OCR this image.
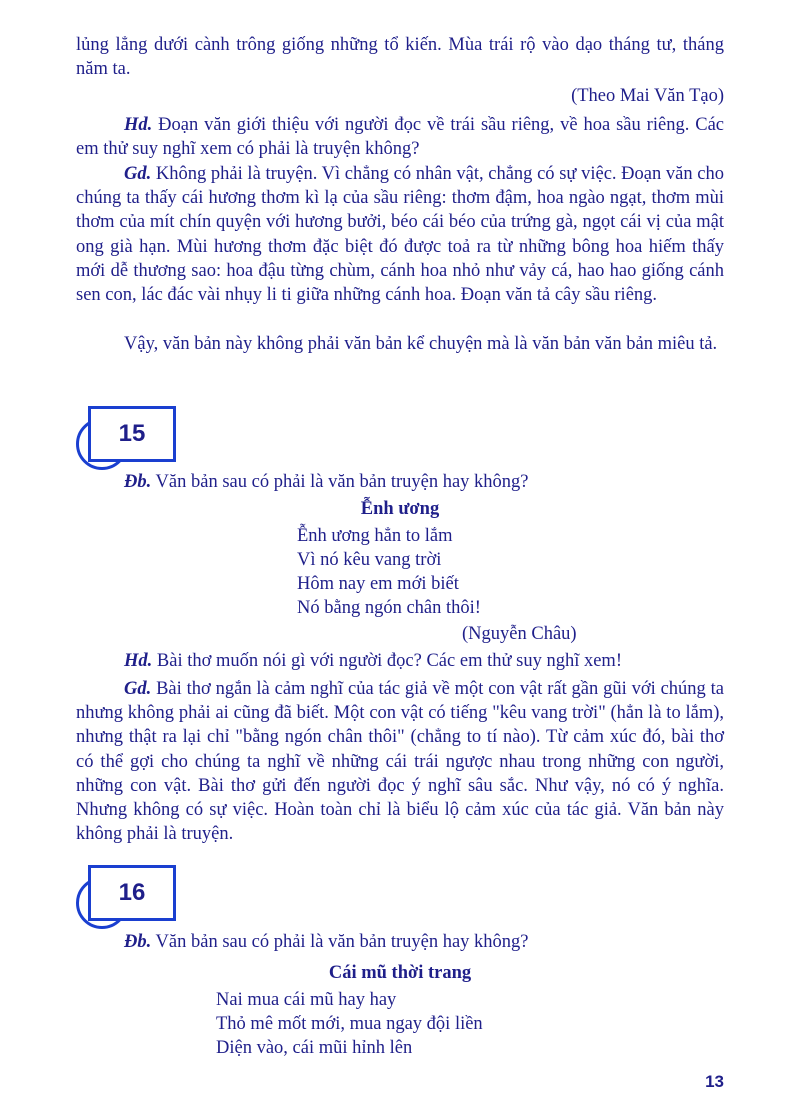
lủng lẳng dưới cành trông giống những tổ kiến. Mùa trái rộ vào dạo tháng tư, tháng năm ta.

(Theo Mai Văn Tạo)

Hd. Đoạn văn giới thiệu với người đọc về trái sầu riêng, về hoa sầu riêng. Các em thử suy nghĩ xem có phải là truyện không?

Gd. Không phải là truyện. Vì chẳng có nhân vật, chẳng có sự việc. Đoạn văn cho chúng ta thấy cái hương thơm kì lạ của sầu riêng: thơm đậm, hoa ngào ngạt, thơm mùi thơm của mít chín quyện với hương bưởi, béo cái béo của trứng gà, ngọt cái vị của mật ong già hạn. Mùi hương thơm đặc biệt đó được toả ra từ những bông hoa hiếm thấy mới dễ thương sao: hoa đậu từng chùm, cánh hoa nhỏ như vảy cá, hao hao giống cánh sen con, lác đác vài nhụy li ti giữa những cánh hoa. Đoạn văn tả cây sầu riêng.

Vậy, văn bản này không phải văn bản kể chuyện mà là văn bản văn bản miêu tả.

15

Đb. Văn bản sau có phải là văn bản truyện hay không?

Ễnh ương
Ễnh ương hẳn to lắm
Vì nó kêu vang trời
Hôm nay em mới biết
Nó bằng ngón chân thôi!
(Nguyễn Châu)

Hd. Bài thơ muốn nói gì với người đọc? Các em thử suy nghĩ xem!

Gd. Bài thơ ngắn là cảm nghĩ của tác giả về một con vật rất gần gũi với chúng ta nhưng không phải ai cũng đã biết. Một con vật có tiếng "kêu vang trời" (hẳn là to lắm), nhưng thật ra lại chỉ "bằng ngón chân thôi" (chẳng to tí nào). Từ cảm xúc đó, bài thơ có thể gợi cho chúng ta nghĩ về những cái trái ngược nhau trong những con người, những con vật. Bài thơ gửi đến người đọc ý nghĩ sâu sắc. Như vậy, nó có ý nghĩa. Nhưng không có sự việc. Hoàn toàn chỉ là biểu lộ cảm xúc của tác giả. Văn bản này không phải là truyện.

16

Đb. Văn bản sau có phải là văn bản truyện hay không?

Cái mũ thời trang
Nai mua cái mũ hay hay
Thỏ mê mốt mới, mua ngay đội liền
Diện vào, cái mũi hỉnh lên
13
